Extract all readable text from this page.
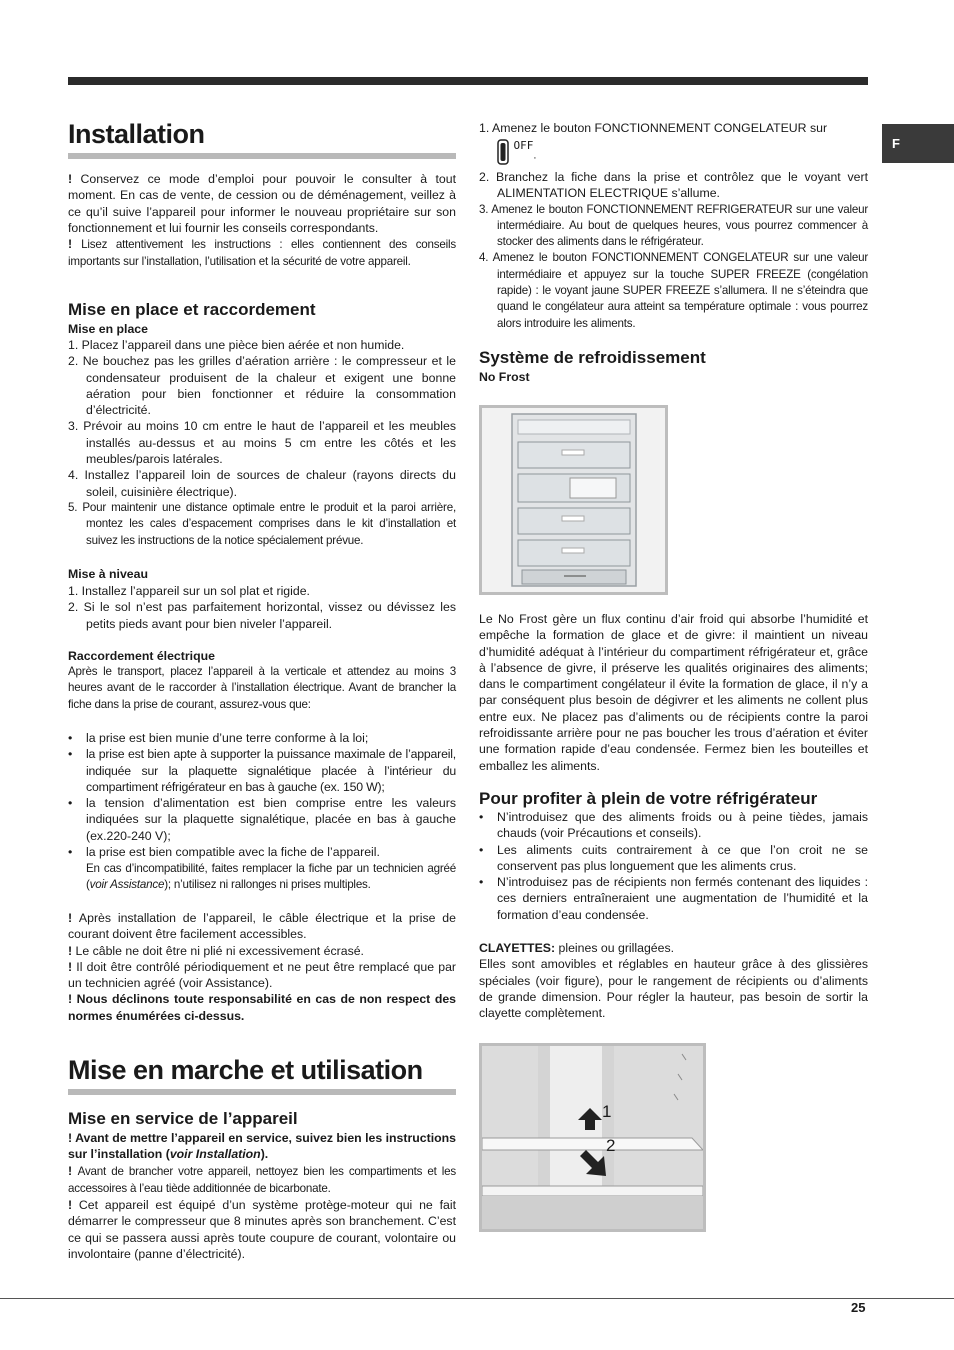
F
Installation

! Conservez ce mode d’emploi pour pouvoir le consulter à tout moment. En cas de vente, de cession ou de déménagement, veillez à ce qu’il suive l’appareil pour informer le nouveau propriétaire sur son fonctionnement et lui fournir les conseils correspondants.
! Lisez attentivement les instructions : elles contiennent des conseils importants sur l’installation, l’utilisation et la sécurité de votre appareil.

Mise en place et raccordement
Mise en place
1. Placez l’appareil dans une pièce bien aérée et non humide.
2. Ne bouchez pas les grilles d’aération arrière : le compresseur et le condensateur produisent de la chaleur et exigent une bonne aération pour bien fonctionner et réduire la consommation d’électricité.
3. Prévoir au moins 10 cm entre le haut de l’appareil et les meubles installés au-dessus et au moins 5 cm entre les côtés et les meubles/parois latérales.
4. Installez l’appareil loin de sources de chaleur (rayons directs du soleil, cuisinière électrique).
5. Pour maintenir une distance optimale entre le produit et la paroi arrière, montez les cales d’espacement comprises dans le kit d’installation et suivez les instructions de la notice spécialement prévue.
Mise à niveau
1. Installez l’appareil sur un sol plat et rigide.
2. Si le sol n’est pas parfaitement horizontal, vissez ou dévissez les petits pieds avant pour bien niveler l’appareil.
Raccordement électrique

Après le transport, placez l’appareil à la verticale et attendez au moins 3 heures avant de le raccorder à l’installation électrique. Avant de brancher la fiche dans la prise de courant, assurez-vous que:

• la prise est bien munie d’une terre conforme à la loi;
• la prise est bien apte à supporter la puissance maximale de l’appareil, indiquée sur la plaquette signalétique placée à l’intérieur du compartiment réfrigérateur en bas à gauche (ex. 150 W);
• la tension d’alimentation est bien comprise entre les valeurs indiquées sur la plaquette signalétique, placée en bas à gauche (ex.220-240 V);
• la prise est bien compatible avec la fiche de l’appareil.

En cas d’incompatibilité, faites remplacer la fiche par un technicien agréé (voir Assistance); n’utilisez ni rallonges ni prises multiples.

! Après installation de l’appareil, le câble électrique et la prise de courant doivent être facilement accessibles.
! Le câble ne doit être ni plié ni excessivement écrasé.
! Il doit être contrôlé périodiquement et ne peut être remplacé que par un technicien agréé (voir Assistance).
! Nous déclinons toute responsabilité en cas de non respect des normes énumérées ci-dessus.

Mise en marche et utilisation
Mise en service de l’appareil

! Avant de mettre l’appareil en service, suivez bien les instructions sur l’installation (voir Installation).
! Avant de brancher votre appareil, nettoyez bien les compartiments et les accessoires à l’eau tiède additionnée de bicarbonate.
! Cet appareil est équipé d’un système protège-moteur qui ne fait démarrer le compresseur que 8 minutes après son branchement. C’est ce qui se passera aussi après toute coupure de courant, volontaire ou involontaire (panne d’électricité).

1. Amenez le bouton FONCTIONNEMENT CONGELATEUR sur

$^{OFF}$.
2. Branchez la fiche dans la prise et contrôlez que le voyant vert ALIMENTATION ELECTRIQUE s’allume.
3. Amenez le bouton FONCTIONNEMENT REFRIGERATEUR sur une valeur intermédiaire. Au bout de quelques heures, vous pourrez commencer à stocker des aliments dans le réfrigérateur.
4. Amenez le bouton FONCTIONNEMENT CONGELATEUR sur une valeur intermédiaire et appuyez sur la touche SUPER FREEZE (congélation rapide) : le voyant jaune SUPER FREEZE s’allumera. Il ne s’éteindra que quand le congélateur aura atteint sa température optimale : vous pourrez alors introduire les aliments.
Système de refroidissement
No Frost

Le No Frost gère un flux continu d’air froid qui absorbe l’humidité et empêche la formation de glace et de givre: il maintient un niveau d’humidité adéquat à l’intérieur du compartiment réfrigérateur et, grâce à l’absence de givre, il préserve les qualités originaires des aliments; dans le compartiment congélateur il évite la formation de glace, il n’y a par conséquent plus besoin de dégivrer et les aliments ne collent plus entre eux. Ne placez pas d’aliments ou de récipients contre la paroi refroidissante arrière pour ne pas boucher les trous d’aération et éviter une formation rapide d’eau condensée. Fermez bien les bouteilles et emballez les aliments.

Pour profiter à plein de votre réfrigérateur
• N’introduisez que des aliments froids ou à peine tièdes, jamais chauds (voir Précautions et conseils).
• Les aliments cuits contrairement à ce que l’on croit ne se conservent pas plus longuement que les aliments crus.
• N’introduisez pas de récipients non fermés contenant des liquides : ces derniers entraîneraient une augmentation de l’humidité et la formation d’eau condensée.

CLAYETTES: pleines ou grillagées.
Elles sont amovibles et réglables en hauteur grâce à des glissières spéciales (voir figure), pour le rangement de récipients ou d’aliments de grande dimension. Pour régler la hauteur, pas besoin de sortir la clayette complètement.

1
2
25
